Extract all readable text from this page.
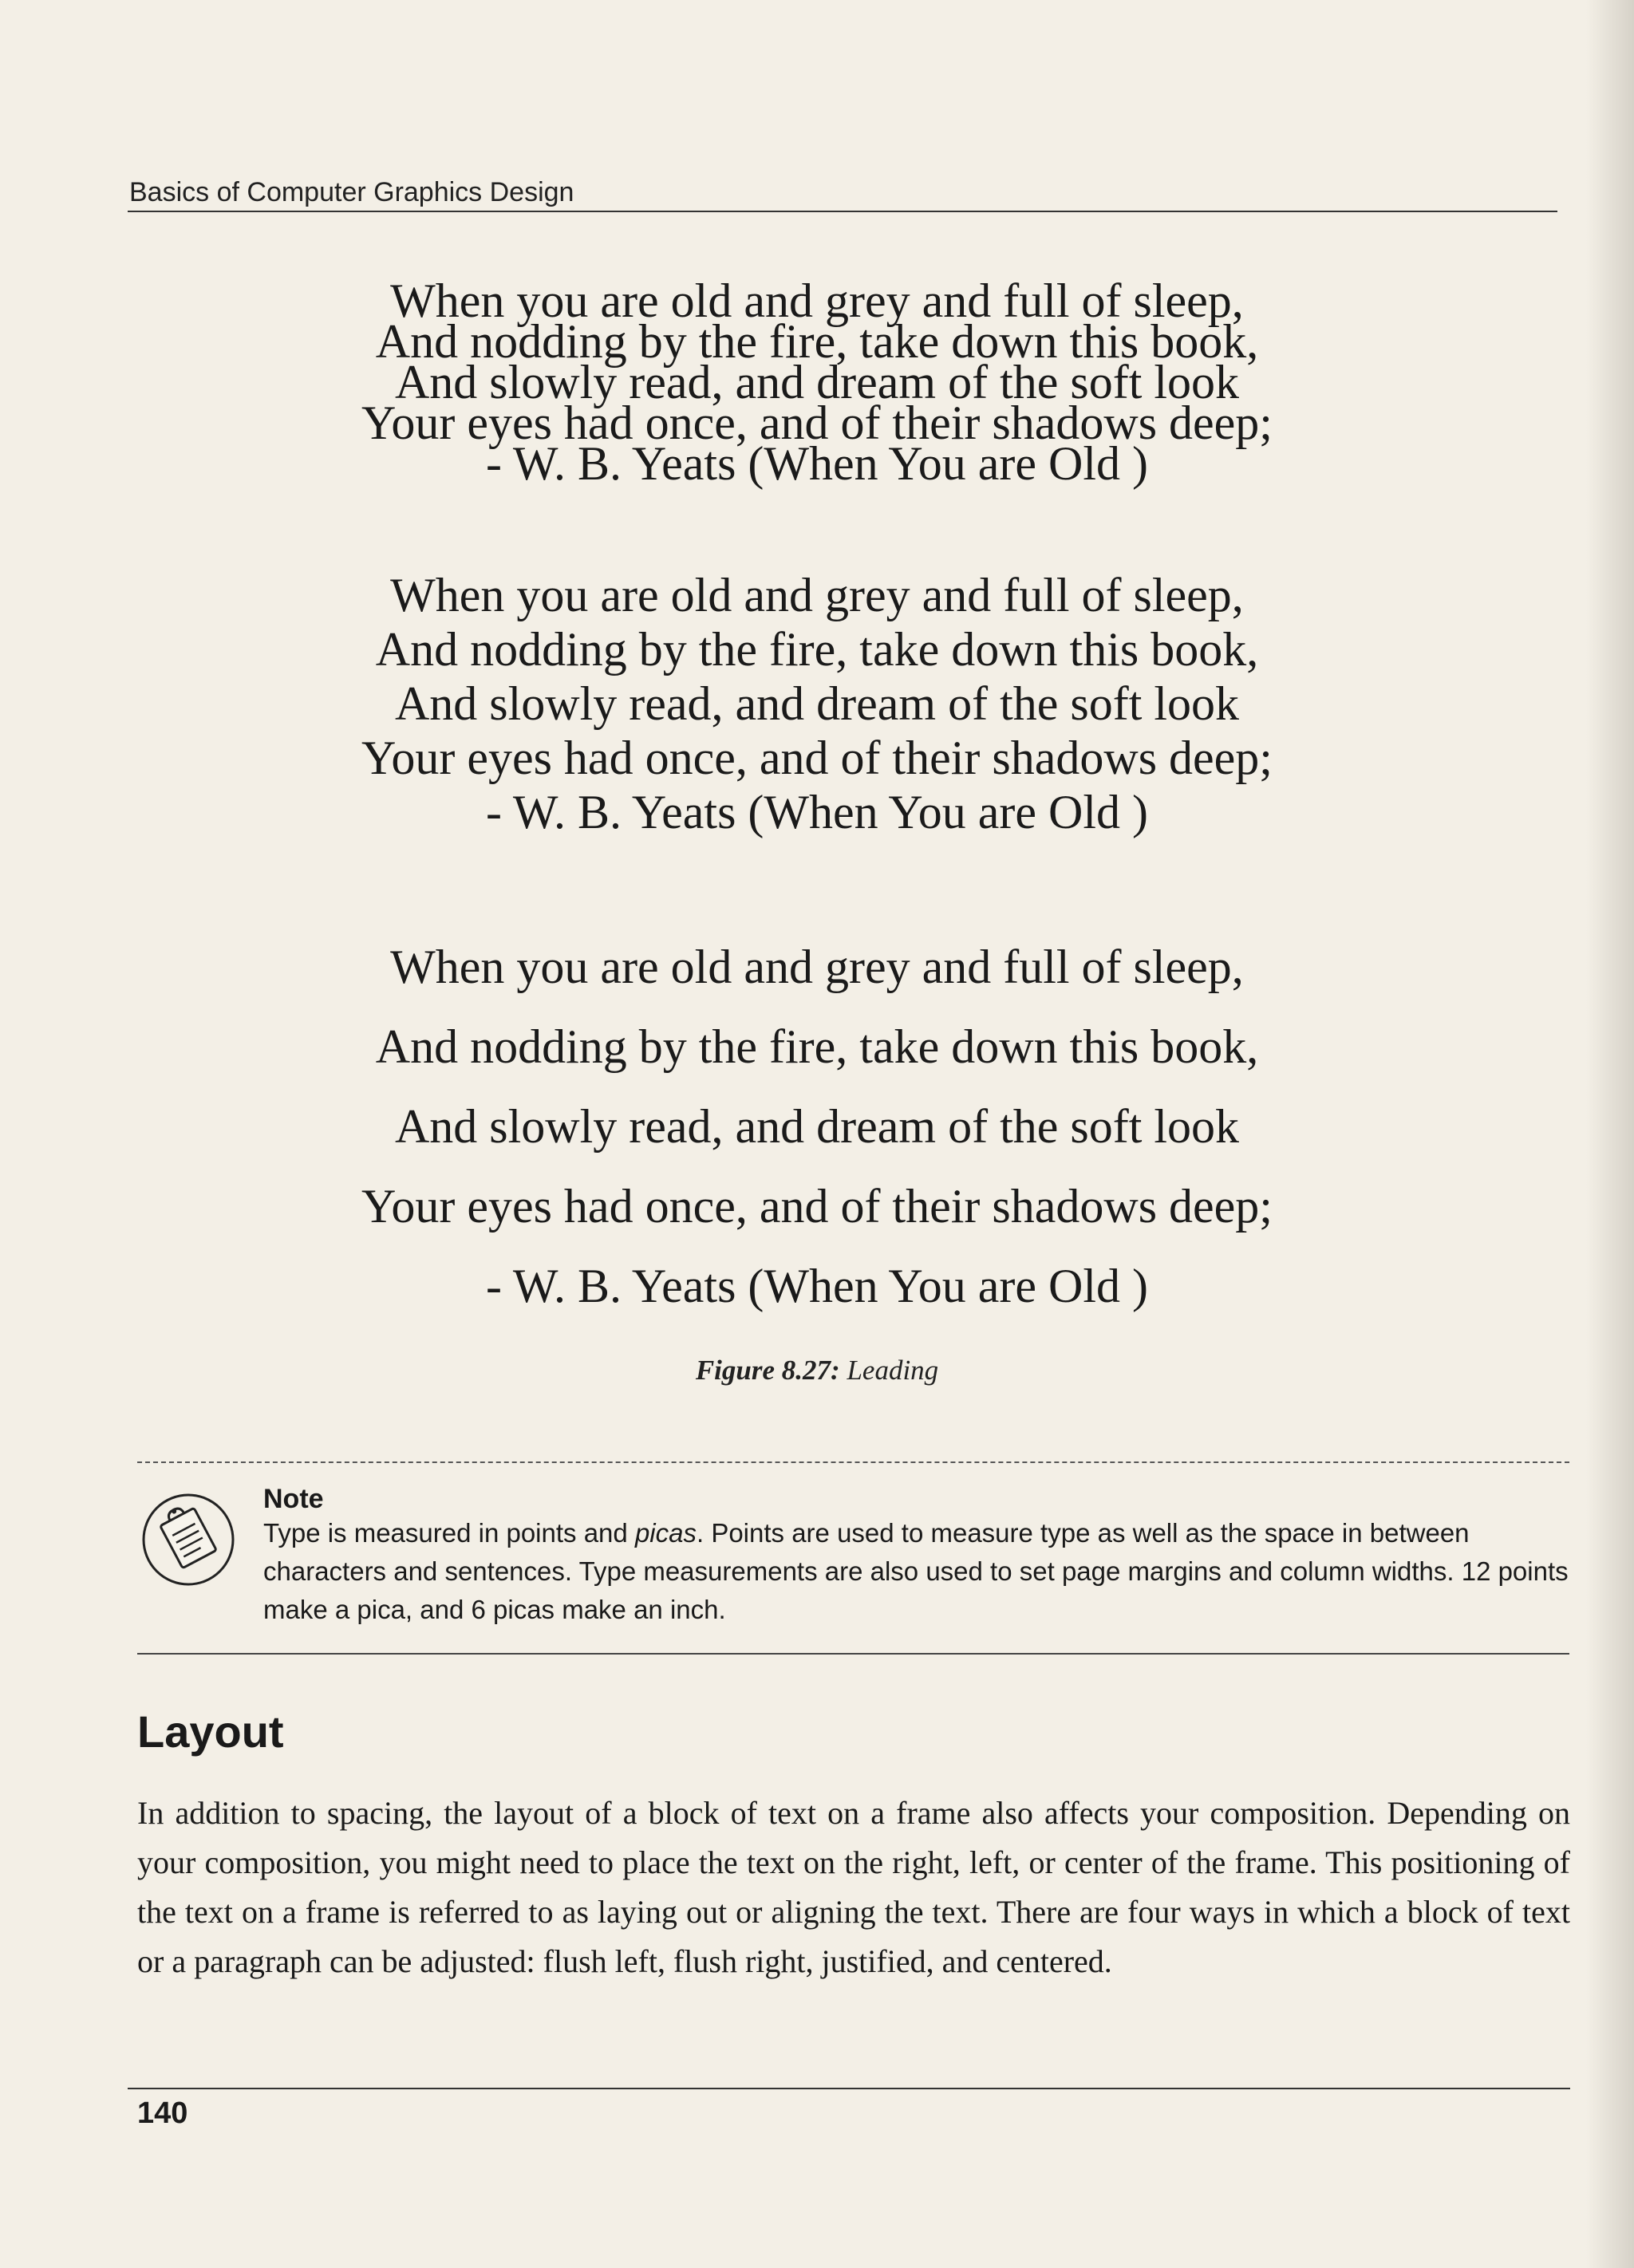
Basics of Computer Graphics Design
When you are old and grey and full of sleep,
And nodding by the fire, take down this book,
And slowly read, and dream of the soft look
Your eyes had once, and of their shadows deep;
- W. B. Yeats (When You are Old )
When you are old and grey and full of sleep,
And nodding by the fire, take down this book,
And slowly read, and dream of the soft look
Your eyes had once, and of their shadows deep;
- W. B. Yeats (When You are Old )
When you are old and grey and full of sleep,
And nodding by the fire, take down this book,
And slowly read, and dream of the soft look
Your eyes had once, and of their shadows deep;
- W. B. Yeats (When You are Old )
Figure 8.27: Leading
Note
Type is measured in points and picas. Points are used to measure type as well as the space in between characters and sentences. Type measurements are also used to set page margins and column widths. 12 points make a pica, and 6 picas make an inch.
Layout
In addition to spacing, the layout of a block of text on a frame also affects your composition. Depending on your composition, you might need to place the text on the right, left, or center of the frame. This positioning of the text on a frame is referred to as laying out or aligning the text. There are four ways in which a block of text or a paragraph can be adjusted: flush left, flush right, justified, and centered.
140
